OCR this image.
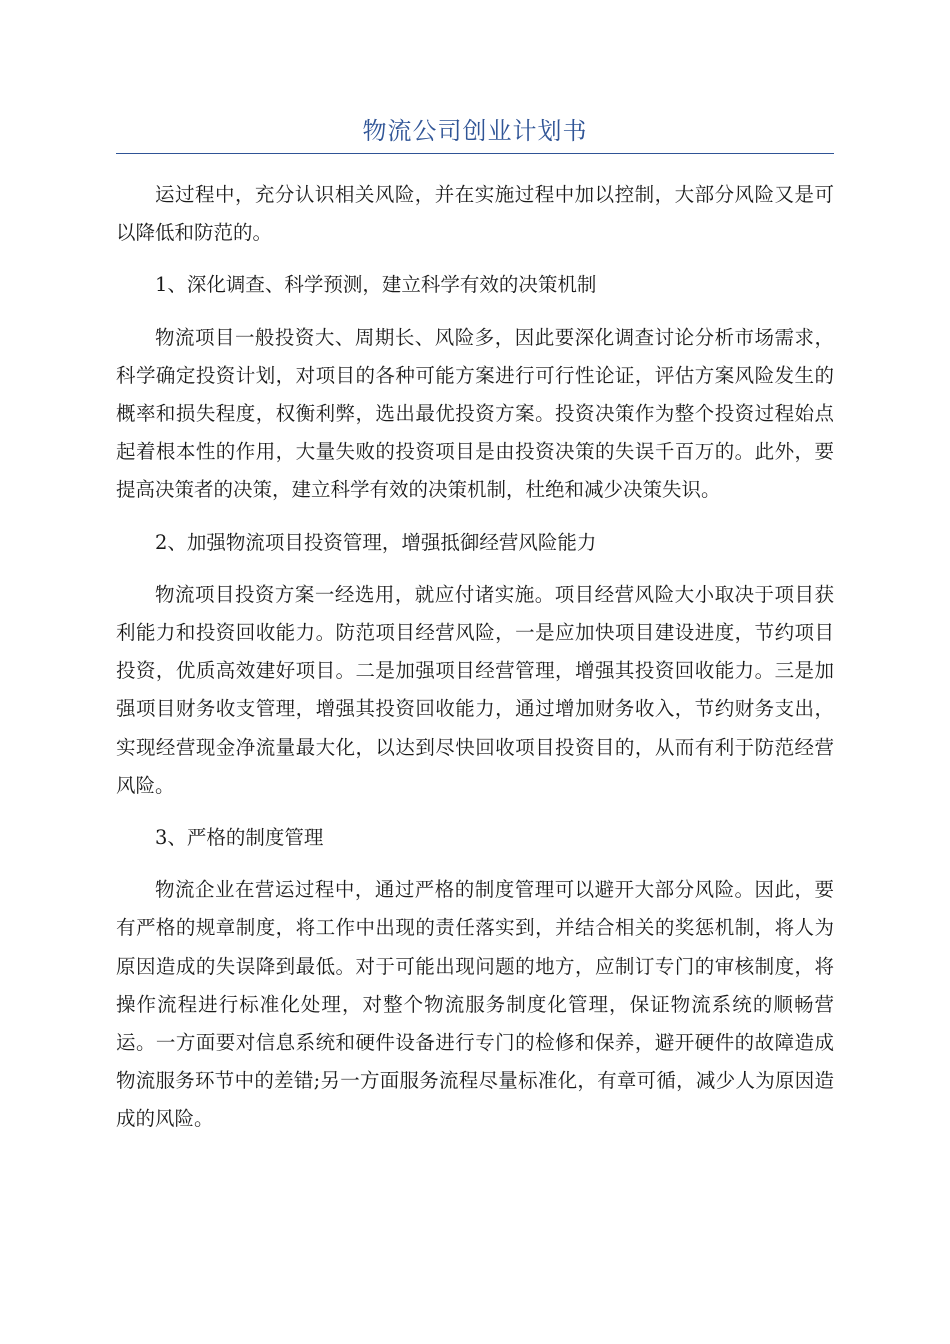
物流公司创业计划书

运过程中，充分认识相关风险，并在实施过程中加以控制，大部分风险又是可以降低和防范的。

1、深化调查、科学预测，建立科学有效的决策机制

物流项目一般投资大、周期长、风险多，因此要深化调查讨论分析市场需求，科学确定投资计划，对项目的各种可能方案进行可行性论证，评估方案风险发生的概率和损失程度，权衡利弊，选出最优投资方案。投资决策作为整个投资过程始点起着根本性的作用，大量失败的投资项目是由投资决策的失误千百万的。此外，要提高决策者的决策，建立科学有效的决策机制，杜绝和减少决策失识。

2、加强物流项目投资管理，增强抵御经营风险能力

物流项目投资方案一经选用，就应付诸实施。项目经营风险大小取决于项目获利能力和投资回收能力。防范项目经营风险，一是应加快项目建设进度，节约项目投资，优质高效建好项目。二是加强项目经营管理，增强其投资回收能力。三是加强项目财务收支管理，增强其投资回收能力，通过增加财务收入，节约财务支出，实现经营现金净流量最大化，以达到尽快回收项目投资目的，从而有利于防范经营风险。

3、严格的制度管理

物流企业在营运过程中，通过严格的制度管理可以避开大部分风险。因此，要有严格的规章制度，将工作中出现的责任落实到，并结合相关的奖惩机制，将人为原因造成的失误降到最低。对于可能出现问题的地方，应制订专门的审核制度，将操作流程进行标准化处理，对整个物流服务制度化管理，保证物流系统的顺畅营运。一方面要对信息系统和硬件设备进行专门的检修和保养，避开硬件的故障造成物流服务环节中的差错;另一方面服务流程尽量标准化，有章可循，减少人为原因造成的风险。
